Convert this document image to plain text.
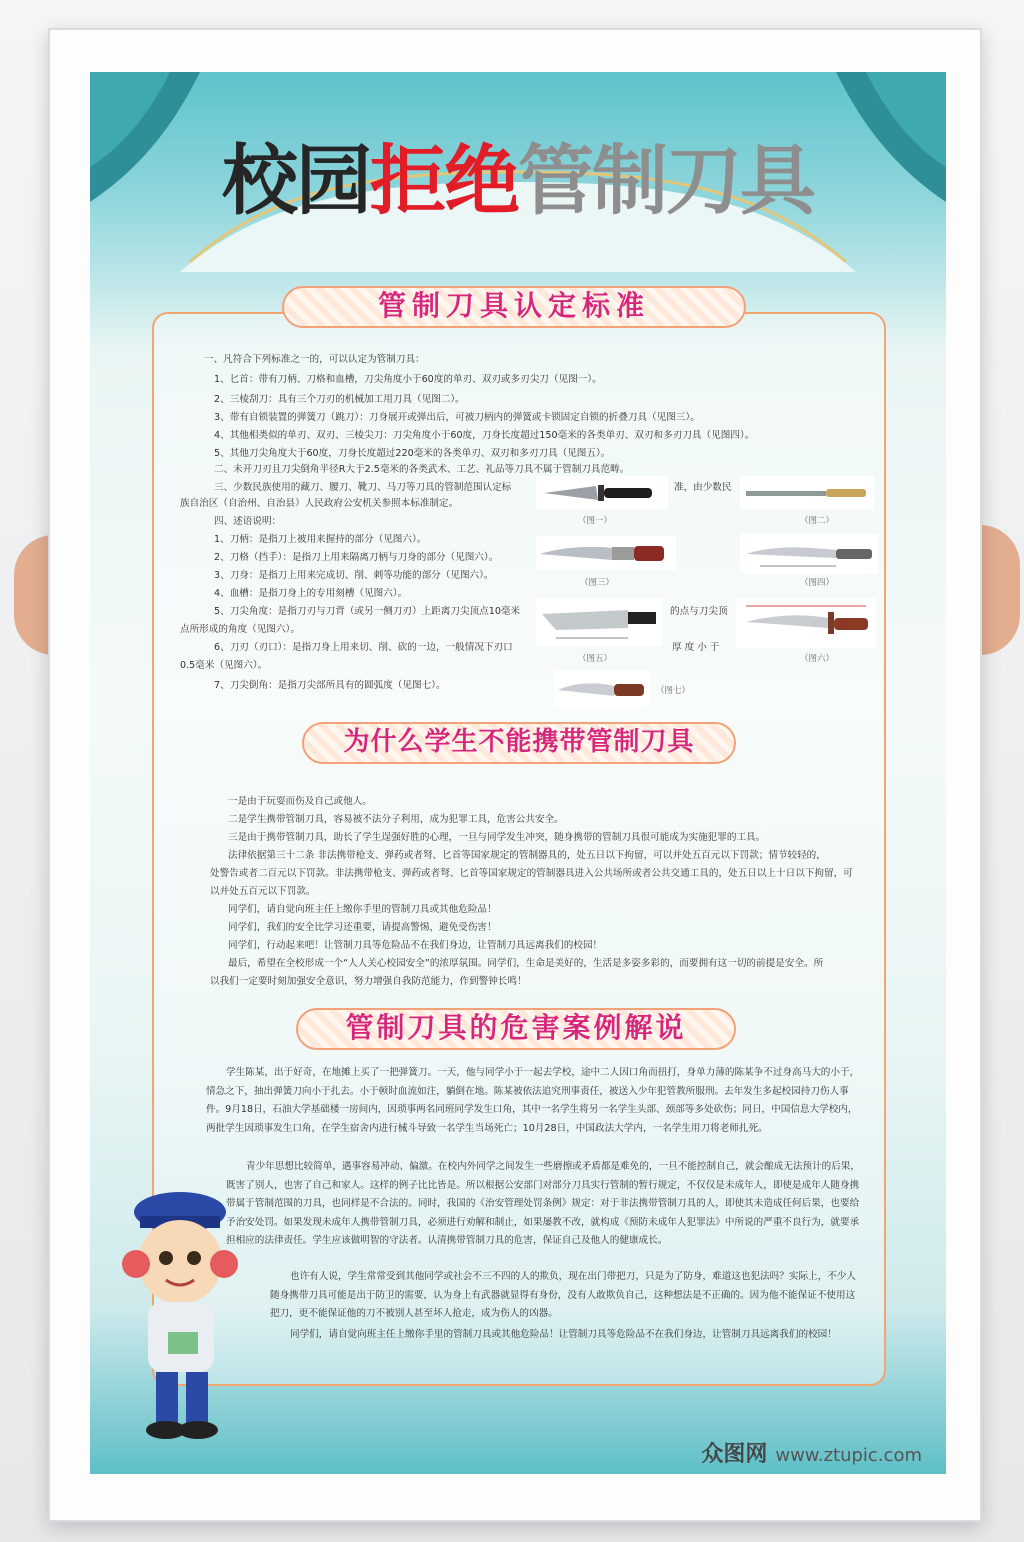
校园拒绝管制刀具
管制刀具认定标准
一、凡符合下列标准之一的，可以认定为管制刀具：
1、匕首：带有刀柄、刀格和血槽，刀尖角度小于60度的单刃、双刃或多刃尖刀（见图一）。
2、三棱刮刀：具有三个刀刃的机械加工用刀具（见图二）。
3、带有自锁装置的弹簧刀（跳刀）：刀身展开或弹出后，可被刀柄内的弹簧或卡锁固定自锁的折叠刀具（见图三）。
4、其他相类似的单刃、双刃、三棱尖刀：刀尖角度小于60度，刀身长度超过150毫米的各类单刃、双刃和多刃刀具（见图四）。
5、其他刀尖角度大于60度，刀身长度超过220毫米的各类单刃、双刃和多刃刀具（见图五）。
二、未开刀刃且刀尖倒角半径R大于2.5毫米的各类武术、工艺、礼品等刀具不属于管制刀具范畴。
三、少数民族使用的藏刀、腰刀、靴刀、马刀等刀具的管制范围认定标	准，由少数民
族自治区（自治州、自治县）人民政府公安机关参照本标准制定。
四、述语说明：
1、刀柄：是指刀上被用来握持的部分（见图六）。
2、刀格（挡手）：是指刀上用来隔离刀柄与刀身的部分（见图六）。
3、刀身：是指刀上用来完成切、削、刺等功能的部分（见图六）。
4、血槽：是指刀身上的专用刻槽（见图六）。
5、刀尖角度：是指刀刃与刀背（或另一侧刀刃）上距离刀尖顶点10毫米	的点与刀尖顶
点所形成的角度（见图六）。
6、刀刃（刃口）：是指刀身上用来切、削、砍的一边，一般情况下刃口	厚 度 小 于
0.5毫米（见图六）。
7、刀尖倒角：是指刀尖部所具有的圆弧度（见图七）。
（图一）	（图二）
（图三）	（图四）
（图五）	（图六）
（图七）
为什么学生不能携带管制刀具
一是由于玩耍而伤及自己或他人。
二是学生携带管制刀具，容易被不法分子利用，成为犯罪工具，危害公共安全。
三是由于携带管制刀具，助长了学生逞强好胜的心理，一旦与同学发生冲突，随身携带的管制刀具很可能成为实施犯罪的工具。
法律依据第三十二条 非法携带枪支、弹药或者弩、匕首等国家规定的管制器具的，处五日以下拘留，可以并处五百元以下罚款；情节较轻的，
处警告或者二百元以下罚款。非法携带枪支、弹药或者弩、匕首等国家规定的管制器具进入公共场所或者公共交通工具的，处五日以上十日以下拘留，可
以并处五百元以下罚款。
同学们，请自觉向班主任上缴你手里的管制刀具或其他危险品！
同学们，我们的安全比学习还重要，请提高警惕，避免受伤害！
同学们，行动起来吧！让管制刀具等危险品不在我们身边，让管制刀具远离我们的校园！
最后，希望在全校形成一个“人人关心校园安全”的浓厚氛围。同学们，生命是美好的，生活是多姿多彩的，而要拥有这一切的前提是安全。所
以我们一定要时刻加强安全意识，努力增强自我防范能力，作到警钟长鸣！
管制刀具的危害案例解说
学生陈某，出于好奇，在地摊上买了一把弹簧刀。一天，他与同学小于一起去学校，途中二人因口角而扭打，身单力薄的陈某争不过身高马大的小于，情急之下，抽出弹簧刀向小于扎去。小于顿时血流如注，躺倒在地。陈某被依法追究刑事责任，被送入少年犯管教所服刑。去年发生多起校园持刀伤人事件。9月18日，石油大学基础楼一房间内，因琐事两名同班同学发生口角，其中一名学生将另一名学生头部、颈部等多处砍伤；同日，中国信息大学校内，两批学生因琐事发生口角，在学生宿舍内进行械斗导致一名学生当场死亡；10月28日，中国政法大学内，一名学生用刀将老师扎死。
青少年思想比较简单，遇事容易冲动、偏激。在校内外同学之间发生一些磨擦或矛盾都是难免的，一旦不能控制自己，就会酿成无法预计的后果，既害了别人，也害了自己和家人。这样的例子比比皆是。所以根据公安部门对部分刀具实行管制的暂行规定，不仅仅是未成年人，即使是成年人随身携带属于管制范围的刀具，也同样是不合法的。同时，我国的《治安管理处罚条例》规定：对于非法携带管制刀具的人，即使其未造成任何后果，也要给予治安处罚。如果发现未成年人携带管制刀具，必须进行劝解和制止，如果屡教不改，就构成《预防未成年人犯罪法》中所说的严重不良行为，就要承担相应的法律责任。学生应该做明智的守法者。认清携带管制刀具的危害，保证自己及他人的健康成长。
也许有人说，学生常常受到其他同学或社会不三不四的人的欺负，现在出门带把刀，只是为了防身，难道这也犯法吗？实际上，不少人随身携带刀具可能是出于防卫的需要，认为身上有武器就显得有身份，没有人敢欺负自己，这种想法是不正确的。因为他不能保证不使用这把刀，更不能保证他的刀不被别人甚至坏人抢走，成为伤人的凶器。
同学们，请自觉向班主任上缴你手里的管制刀具或其他危险品！让管制刀具等危险品不在我们身边，让管制刀具远离我们的校园！
众图网 www.ztupic.com
